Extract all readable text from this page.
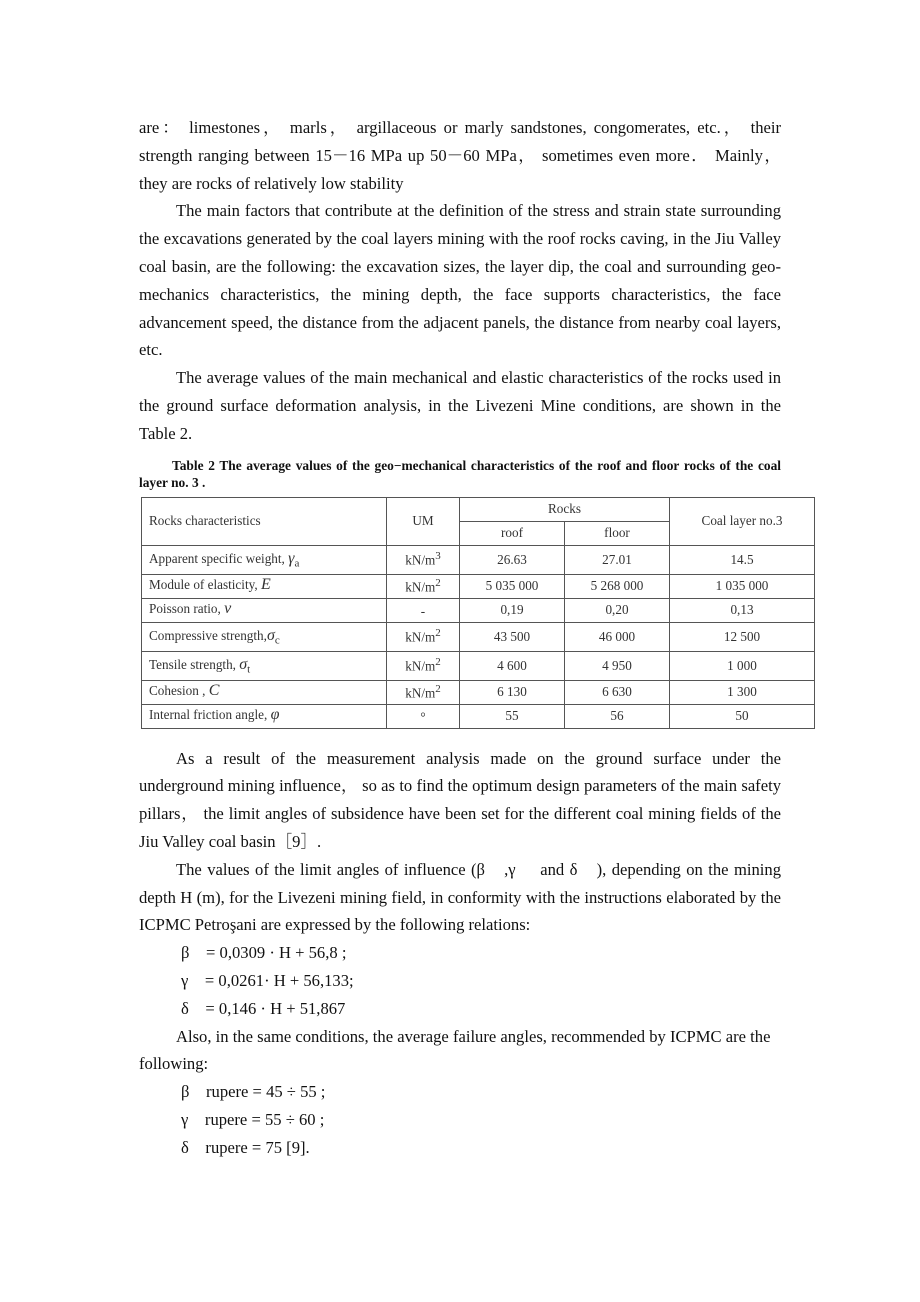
are： limestones， marls， argillaceous or marly sandstones, congomerates, etc.， their strength ranging between 15－16 MPa up 50－60 MPa， sometimes even more． Mainly， they are rocks of relatively low stability

The main factors that contribute at the definition of the stress and strain state surrounding the excavations generated by the coal layers mining with the roof rocks caving, in the Jiu Valley coal basin, are the following: the excavation sizes, the layer dip, the coal and surrounding geo-mechanics characteristics, the mining depth, the face supports characteristics, the face advancement speed, the distance from the adjacent panels, the distance from nearby coal layers, etc.

The average values of the main mechanical and elastic characteristics of the rocks used in the ground surface deformation analysis, in the Livezeni Mine conditions, are shown in the Table 2.

Table 2 The average values of the geo−mechanical characteristics of the roof and floor rocks of the coal layer no. 3 .
Rocks characteristics	UM	Rocks		Coal layer no.3
		roof	floor	
Apparent specific weight, $\gamma_a$	$kN/m^3$	26.63	27.01	14.5
Module of elasticity, E	$kN/m^2$	5 035 000	5 268 000	1 035 000
Poisson ratio, ν	-	0,19	0,20	0,13
Compressive $strength,\sigma_c$	$kN/m^2$	43 500	46 000	12 500
Tensile strength, $\sigma_t$	$kN/m^2$	4 600	4 950	1 000
Cohesion , C	$kN/m^2$	6 130	6 630	1 300
Internal friction angle, φ	°	55	56	50

As a result of the measurement analysis made on the ground surface under the underground mining influence， so as to find the optimum design parameters of the main safety pillars， the limit angles of subsidence have been set for the different coal mining fields of the Jiu Valley coal basin［9］.

The values of the limit angles of influence (β　,γ　 and δ　), depending on the mining depth H (m), for the Livezeni mining field, in conformity with the instructions elaborated by the ICPMC Petroşani are expressed by the following relations:

β　= 0,0309 · H + 56,8 ;
γ　= 0,0261· H + 56,133;
δ　= 0,146 · H + 51,867

Also, in the same conditions, the average failure angles, recommended by ICPMC are the following:

β　rupere = 45 ÷ 55 ;
γ　rupere = 55 ÷ 60 ;
δ　rupere = 75 [9].
